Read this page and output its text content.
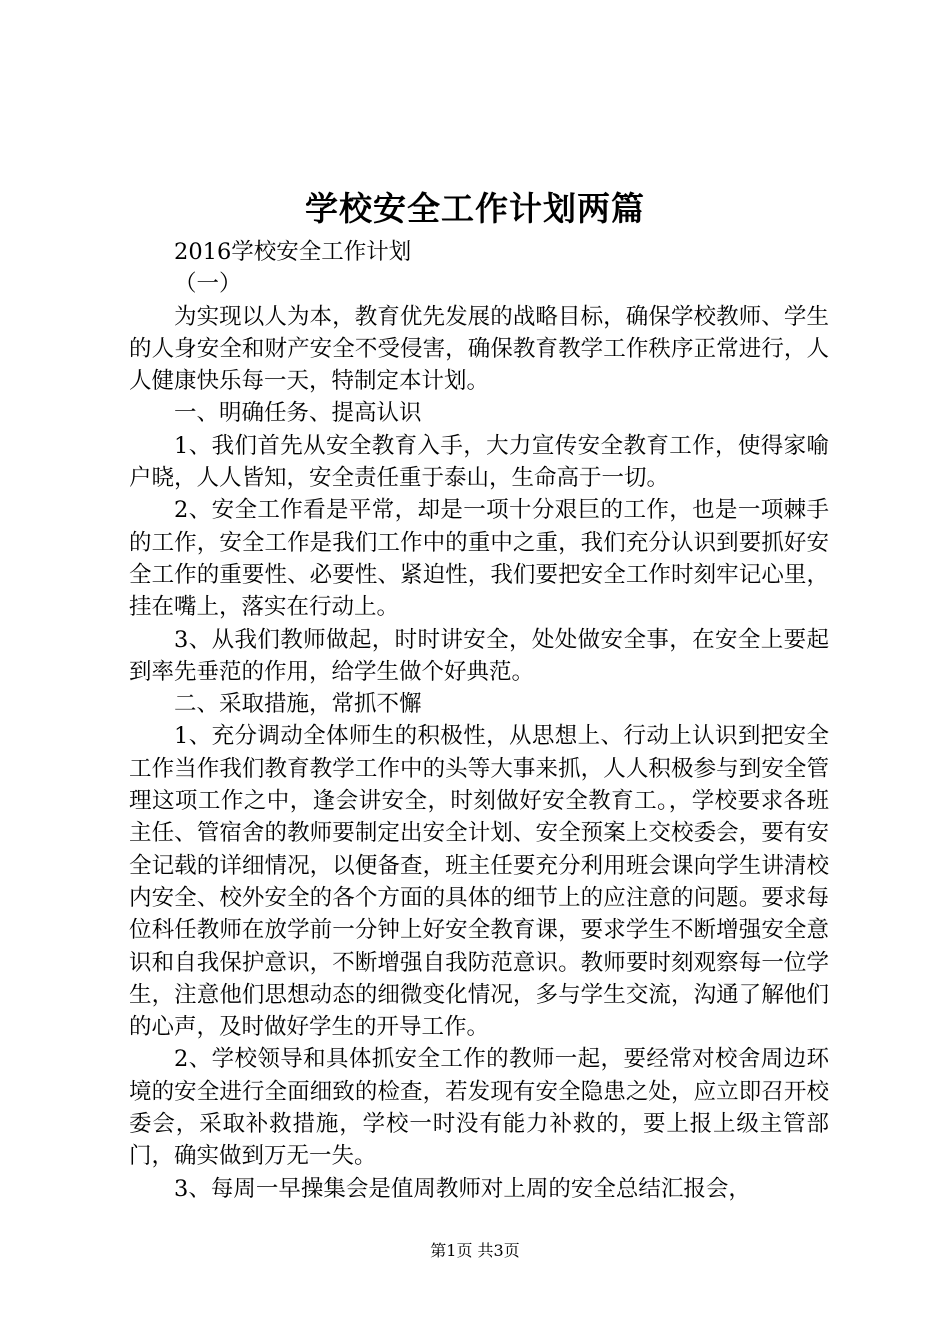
学校安全工作计划两篇

2016学校安全工作计划

（一）

为实现以人为本，教育优先发展的战略目标，确保学校教师、学生的人身安全和财产安全不受侵害，确保教育教学工作秩序正常进行，人人健康快乐每一天，特制定本计划。

一、明确任务、提高认识

1、我们首先从安全教育入手，大力宣传安全教育工作，使得家喻户晓，人人皆知，安全责任重于泰山，生命高于一切。

2、安全工作看是平常，却是一项十分艰巨的工作，也是一项棘手的工作，安全工作是我们工作中的重中之重，我们充分认识到要抓好安全工作的重要性、必要性、紧迫性，我们要把安全工作时刻牢记心里，挂在嘴上，落实在行动上。

3、从我们教师做起，时时讲安全，处处做安全事，在安全上要起到率先垂范的作用，给学生做个好典范。

二、采取措施，常抓不懈

1、充分调动全体师生的积极性，从思想上、行动上认识到把安全工作当作我们教育教学工作中的头等大事来抓，人人积极参与到安全管理这项工作之中，逢会讲安全，时刻做好安全教育工。，学校要求各班主任、管宿舍的教师要制定出安全计划、安全预案上交校委会，要有安全记载的详细情况，以便备查，班主任要充分利用班会课向学生讲清校内安全、校外安全的各个方面的具体的细节上的应注意的问题。要求每位科任教师在放学前一分钟上好安全教育课，要求学生不断增强安全意识和自我保护意识，不断增强自我防范意识。教师要时刻观察每一位学生，注意他们思想动态的细微变化情况，多与学生交流，沟通了解他们的心声，及时做好学生的开导工作。

2、学校领导和具体抓安全工作的教师一起，要经常对校舍周边环境的安全进行全面细致的检查，若发现有安全隐患之处，应立即召开校委会，采取补救措施，学校一时没有能力补救的，要上报上级主管部门，确实做到万无一失。

3、每周一早操集会是值周教师对上周的安全总结汇报会，

第1页 共3页
